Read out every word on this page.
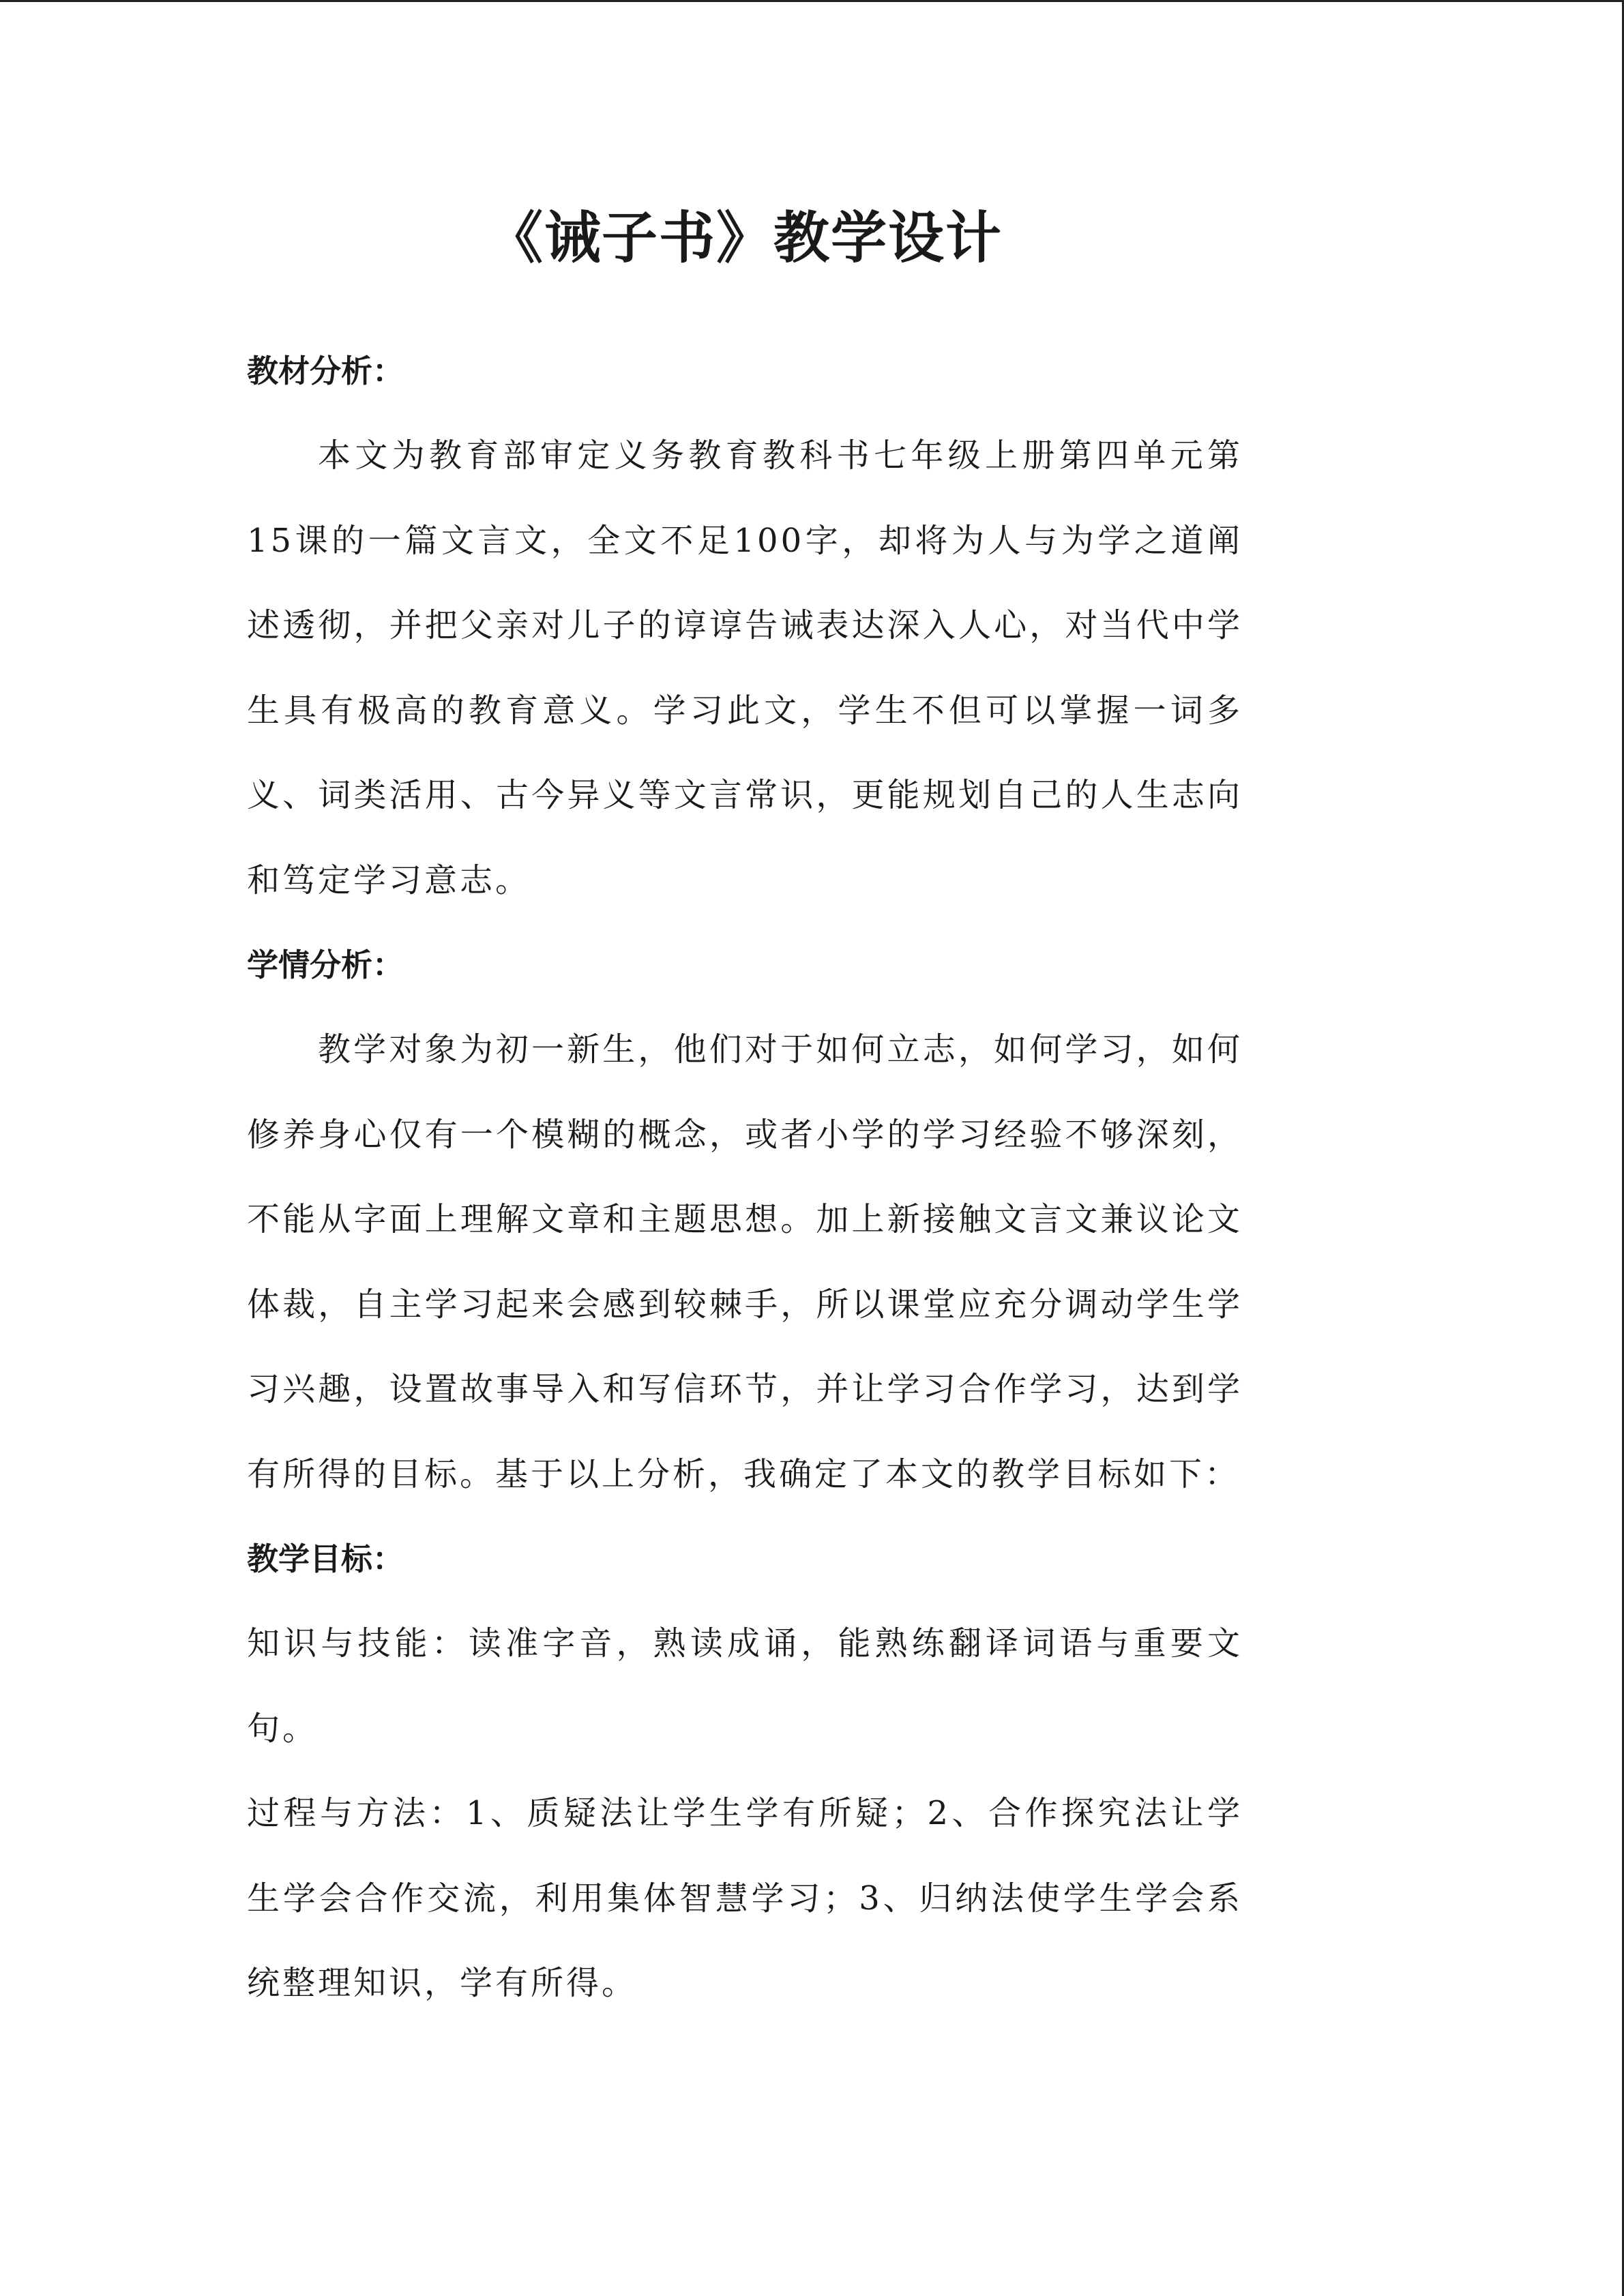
《诫子书》教学设计
教材分析：

本文为教育部审定义务教育教科书七年级上册第四单元第15课的一篇文言文，全文不足100字，却将为人与为学之道阐述透彻，并把父亲对儿子的谆谆告诫表达深入人心，对当代中学生具有极高的教育意义。学习此文，学生不但可以掌握一词多义、词类活用、古今异义等文言常识，更能规划自己的人生志向和笃定学习意志。

学情分析：

教学对象为初一新生，他们对于如何立志，如何学习，如何修养身心仅有一个模糊的概念，或者小学的学习经验不够深刻，不能从字面上理解文章和主题思想。加上新接触文言文兼议论文体裁，自主学习起来会感到较棘手，所以课堂应充分调动学生学习兴趣，设置故事导入和写信环节，并让学习合作学习，达到学有所得的目标。基于以上分析，我确定了本文的教学目标如下：

教学目标：

知识与技能：读准字音，熟读成诵，能熟练翻译词语与重要文句。

过程与方法：1、质疑法让学生学有所疑；2、合作探究法让学生学会合作交流，利用集体智慧学习；3、归纳法使学生学会系统整理知识，学有所得。
